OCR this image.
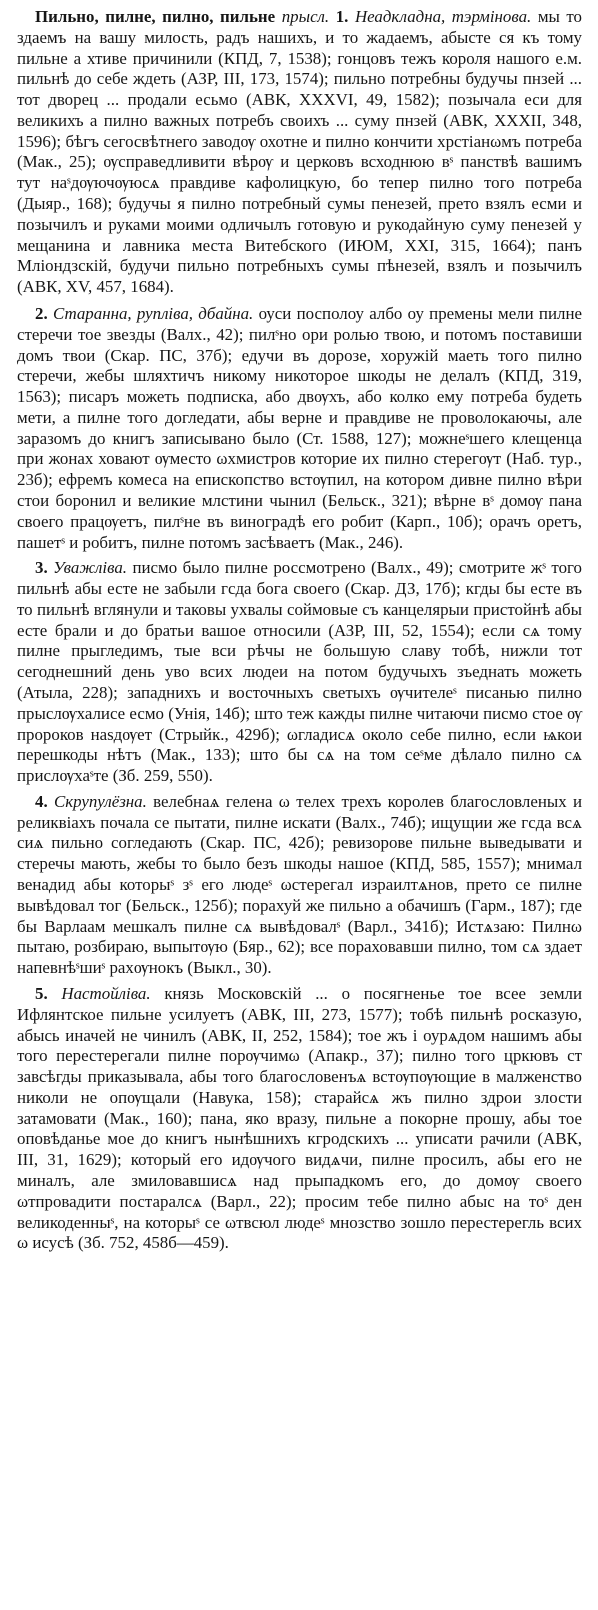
Пильно, пилне, пилно, пильне прысл. 1. Неадкладна, тэрмінова. мы то здаемъ на вашу милость, радъ нашихъ, и то жадаемъ, абысте ся къ тому пильне а хтиве причинили (КПД, 7, 1538); гонцовъ тежъ короля нашого е.м. пильнѣ до себе ждеть (АЗР, III, 173, 1574); пильно потребны будучы пнзей ... тот дворец ... продали есьмо (АВК, XXXVI, 49, 1582); позычала еси для великихъ а пилно важных потребъ своихъ ... суму пнзей (АВК, XXXII, 348, 1596); бѣгъ сегосвѣтнего заводѹ охотне и пилно кончити хрстіанωмъ потреба (Мак., 25); ѹсправедливити вѣрѹ и церковъ всходнюю вˢ панствѣ вашимъ тут наˢдѹючѹюсѧ правдиве кафолицкую, бо тепер пилно того потреба (Дыяр., 168); будучы я пилно потребный сумы пенезей, прето взялъ есми и позычилъ и руками моими одличылъ готовую и рукодайную суму пенезей у мещанина и лавника места Витебского (ИЮМ, XXI, 315, 1664); панъ Млiондзскій, будучи пильно потребныхъ сумы пѣнезей, взялъ и позычилъ (АВК, XV, 457, 1684).

2. Старанна, руплiва, дбайна. оуси посполоу албо оу премены мели пилне стеречи тое звезды (Валх., 42); пилˢно ори ролью твою, и потомъ поставиши домъ твои (Скар. ПС, 37б); едучи въ дорозе, хоружій маеть того пилно стеречи, жебы шляхтичъ никому никоторое шкоды не делалъ (КПД, 319, 1563); писаръ можеть подписка, або двѹхъ, або колко ему потреба будеть мети, а пилне того догледати, абы верне и правдиве не проволокаючы, але заразомъ до книгъ записывано было (Ст. 1588, 127); можнеˢшего клещенца при жонах ховают ѹместо ωхмистров которие их пилно стерегѹт (Наб. тур., 23б); ефремъ комеса на епископство встѹпил, на котором дивне пилно вѣри стои боронил и великие млстини чынил (Бельск., 321); вѣрне вˢ домѹ пана своего працѹетъ, пилˢне въ виноградѣ его робит (Карп., 10б); орачъ оретъ, пашетˢ и робитъ, пилне потомъ засѣваетъ (Мак., 246).

3. Уважлiва. писмо было пилне россмотрено (Валх., 49); смотрите жˢ того пильнѣ абы есте не забыли гсда бога своего (Скар. ДЗ, 17б); кгды бы есте въ то пильнѣ вглянули и таковы ухвалы соймовые съ канцелярыи пристойнѣ абы есте брали и до братьи вашое относили (АЗР, III, 52, 1554); если сѧ тому пилне прыгледимъ, тые вси рѣчы не большую славу тобѣ, нижли тот сегоднешний день уво всих людеи на потом будучыхъ зъеднать можеть (Атыла, 228); западнихъ и восточныхъ светыхъ ѹчителеˢ писанью пилно прыслѹхалисе есмо (Унія, 14б); што теж кажды пилне читаючи писмо стое ѹ пророков наѕдѹет (Стрыйк., 429б); ωгладисѧ около себе пилно, если ѩкои перешкоды нѣтъ (Мак., 133); што бы сѧ на том сеˢме дѣлало пилно сѧ прислѹхаˢте (Зб. 259, 550).

4. Скрупулёзна. велебнаѧ гелена ω телех трехъ королев благословленых и реликвiахъ почала се пытати, пилне искати (Валх., 74б); ищущии же гсда всѧ сиѧ пильно согледають (Скар. ПС, 42б); ревизорове пильне выведывати и стеречы мають, жебы то было безъ шкоды нашое (КПД, 585, 1557); мнимал венадид абы которыˢ зˢ его людеˢ ωстерегал израилтѧнов, прето се пилне вывѣдовал тог (Бельск., 125б); порахуй же пильно а обачишъ (Гарм., 187); где бы Варлаам мешкалъ пилне сѧ вывѣдовалˢ (Варл., 341б); Истѧзаю: Пилнω пытаю, розбираю, выпытѹю (Бяр., 62); все пораховавши пилно, том сѧ здает напевнѣˢшиˢ рахѹнокъ (Выкл., 30).

5. Настойлiва. князь Московскій ... о посягненье тое всее земли Ифлянтское пильне усилуетъ (АВК, III, 273, 1577); тобѣ пильнѣ росказую, абысь иначей не чинилъ (АВК, II, 252, 1584); тое жъ і оурѧдом нашимъ абы того перестерегали пилне порѹчимω (Апакр., 37); пилно того цркювъ ст завсѣгды приказывала, абы того благословенъѧ встѹпѹющие в малженство николи не опѹщали (Навука, 158); старайсѧ жъ пилно здрои злости затамовати (Мак., 160); пана, яко вразу, пильне а покорне прошу, абы тое оповѣданье мое до книгъ нынѣшнихъ кгродскихъ ... уписати рачили (АВК, III, 31, 1629); который его идѹчого видѧчи, пилне просилъ, абы его не миналъ, але змиловавшисѧ над прыпадкомъ его, до домѹ своего ωтпровадити постаралсѧ (Варл., 22); просим тебе пилно абыс на тоˢ ден великоденныˢ, на которыˢ се ωтвсюл людеˢ мнозство зошло перестерегль всих ω исусѣ (Зб. 752, 458б—459).
